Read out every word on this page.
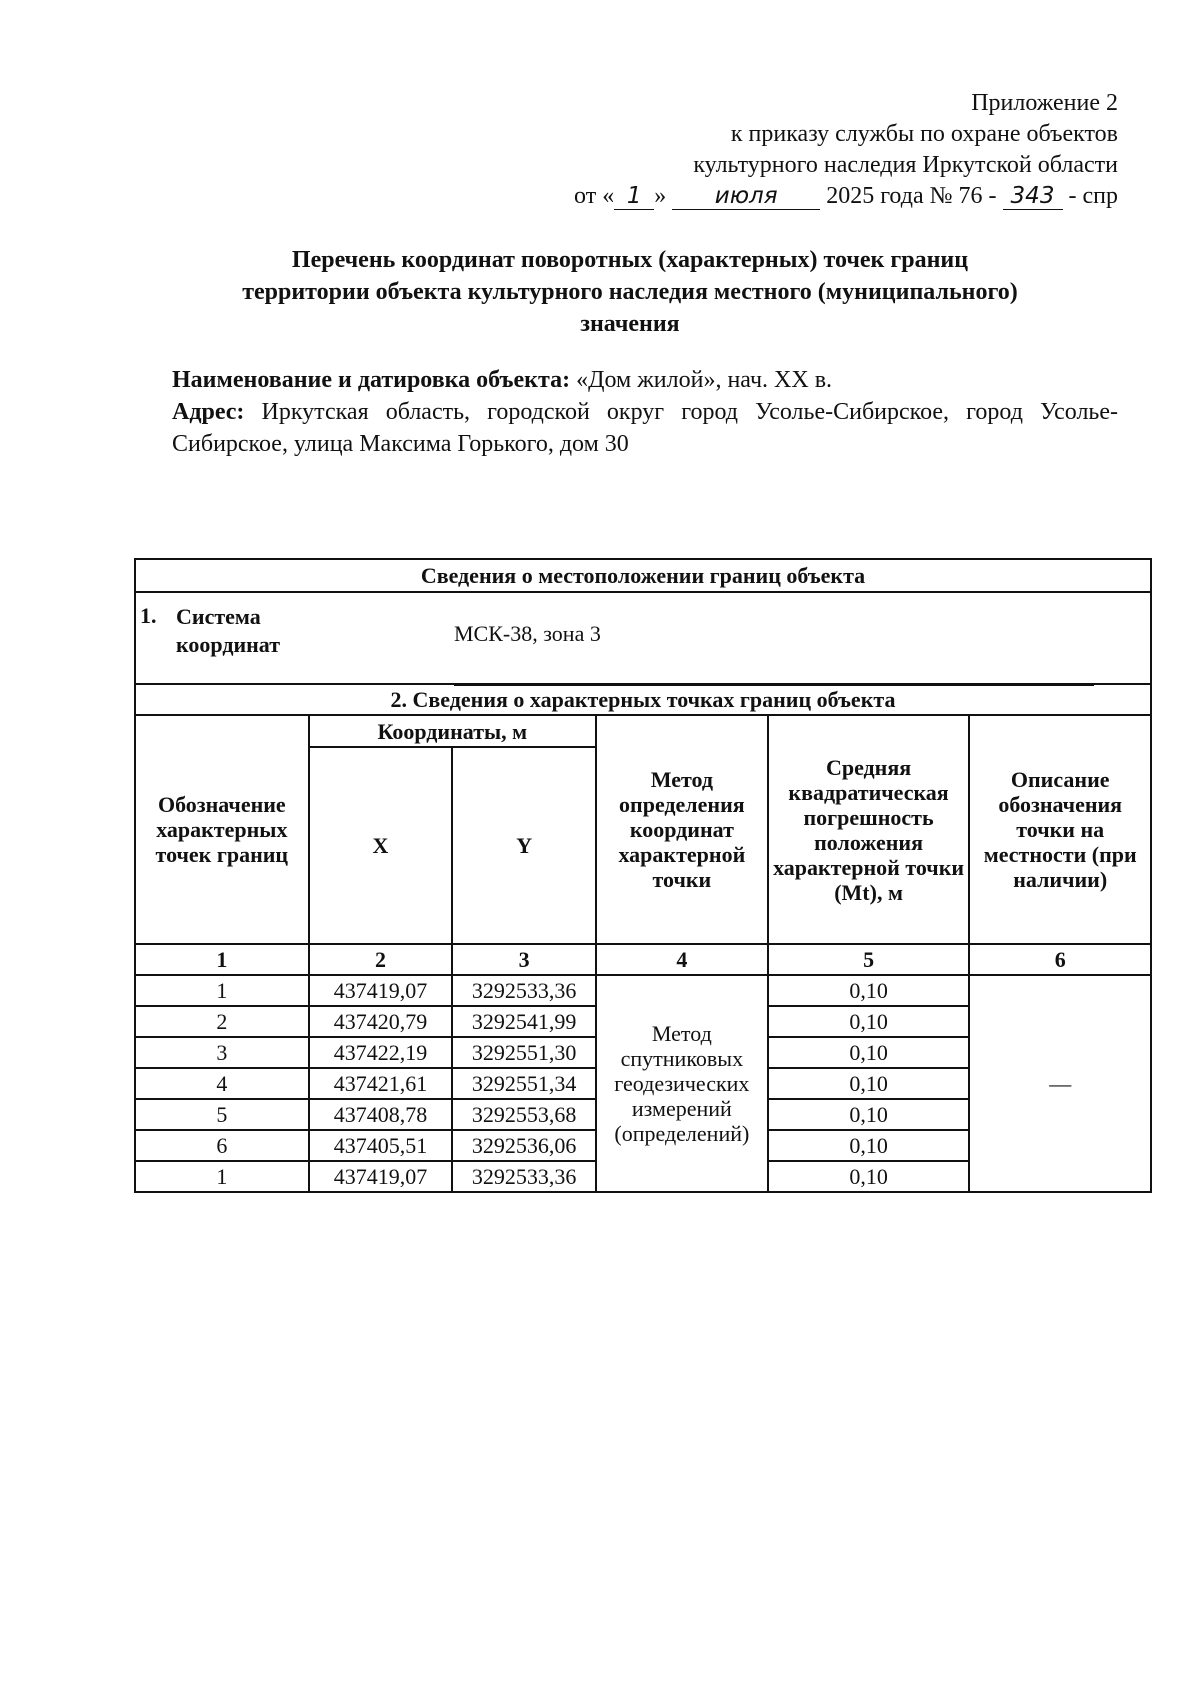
Приложение 2
к приказу службы по охране объектов
культурного наследия Иркутской области
от « 1 » июля 2025 года № 76 - 343 - спр
Перечень координат поворотных (характерных) точек границ
территории объекта культурного наследия местного (муниципального)
значения
Наименование и датировка объекта: «Дом жилой», нач. XX в.
Адрес: Иркутская область, городской округ город Усолье-Сибирское, город Усолье-Сибирское, улица Максима Горького, дом 30
Сведения о местоположении границ объекта					

1. Система
координат МСК-38, зона 3					

2. Сведения о характерных точках границ объекта					
Обозначение характерных точек границ	Координаты, м		Метод определения координат характерной точки	Средняя квадратическая погрешность положения характерной точки (Mt), м	Описание обозначения точки на местности (при наличии)
	X	Y			
1	2	3	4	5	6
1	437419,07	3292533,36	Метод спутниковых геодезических измерений (определений)	0,10	—
2	437420,79	3292541,99		0,10	
3	437422,19	3292551,30		0,10	
4	437421,61	3292551,34		0,10	
5	437408,78	3292553,68		0,10	
6	437405,51	3292536,06		0,10	
1	437419,07	3292533,36		0,10	
